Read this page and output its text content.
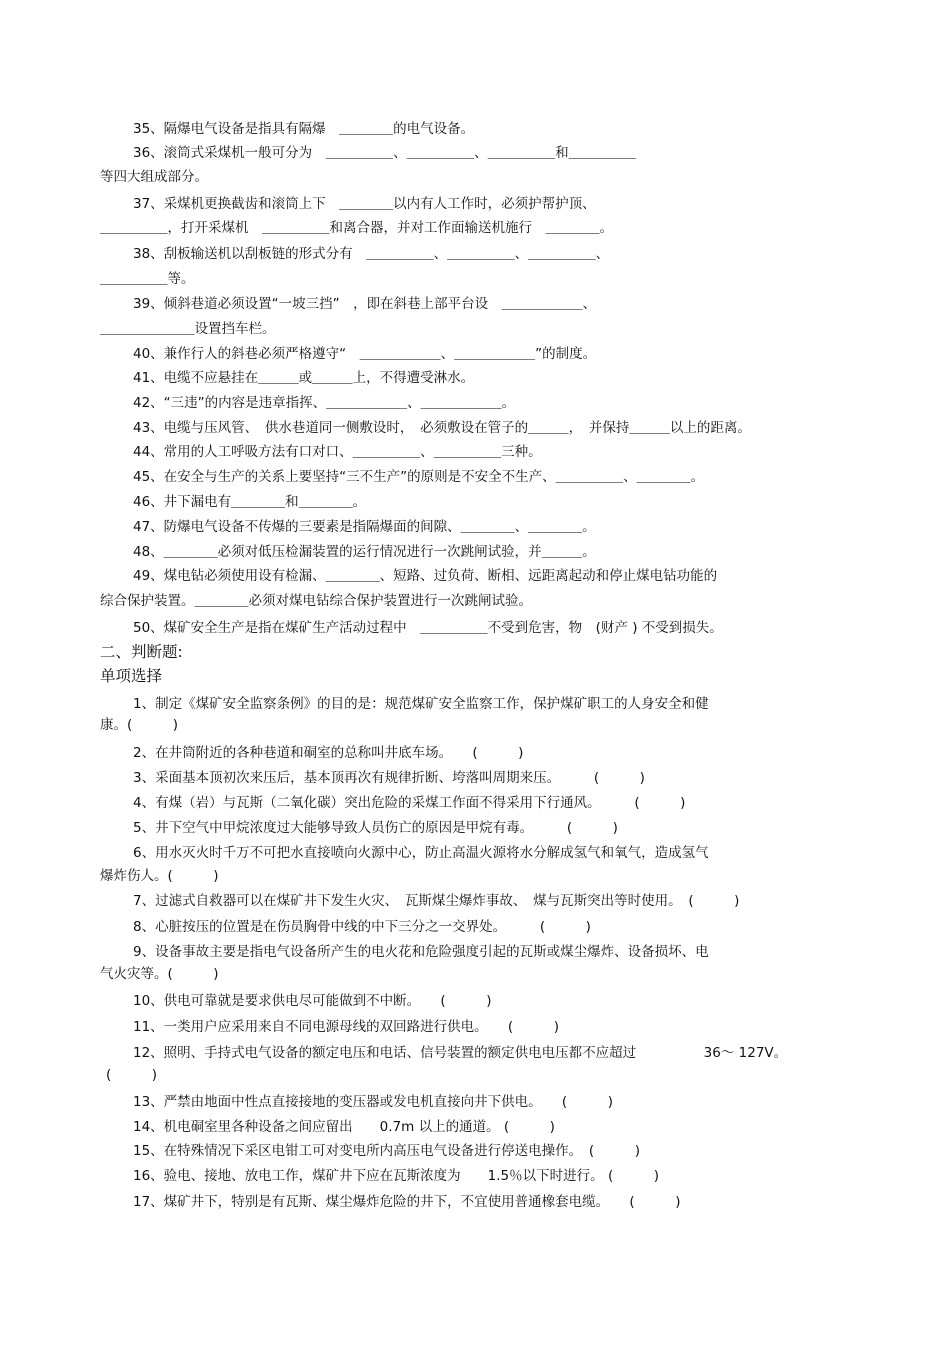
35、隔爆电气设备是指具有隔爆　＿＿＿＿的电气设备。
36、滚筒式采煤机一般可分为　＿＿＿＿＿、＿＿＿＿＿、＿＿＿＿＿和＿＿＿＿＿
等四大组成部分。
37、采煤机更换截齿和滚筒上下　＿＿＿＿以内有人工作时，必须护帮护顶、
＿＿＿＿＿，打开采煤机　＿＿＿＿＿和离合器，并对工作面输送机施行　＿＿＿＿。
38、刮板输送机以刮板链的形式分有　＿＿＿＿＿、＿＿＿＿＿、＿＿＿＿＿、
＿＿＿＿＿等。
39、倾斜巷道必须设置“一坡三挡”　，即在斜巷上部平台设　＿＿＿＿＿＿、
＿＿＿＿＿＿＿设置挡车栏。
40、兼作行人的斜巷必须严格遵守“　＿＿＿＿＿＿、＿＿＿＿＿＿”的制度。
41、电缆不应悬挂在＿＿＿或＿＿＿上，不得遭受淋水。
42、“三违”的内容是违章指挥、＿＿＿＿＿＿、＿＿＿＿＿＿。
43、电缆与压风管、　供水巷道同一侧敷设时，　必须敷设在管子的＿＿＿，　并保持＿＿＿以上的距离。
44、常用的人工呼吸方法有口对口、＿＿＿＿＿、＿＿＿＿＿三种。
45、在安全与生产的关系上要坚持“三不生产”的原则是不安全不生产、＿＿＿＿＿、＿＿＿＿。
46、井下漏电有＿＿＿＿和＿＿＿＿。
47、防爆电气设备不传爆的三要素是指隔爆面的间隙、＿＿＿＿、＿＿＿＿。
48、＿＿＿＿必须对低压检漏装置的运行情况进行一次跳闸试验，并＿＿＿。
49、煤电钻必须使用设有检漏、＿＿＿＿、短路、过负荷、断相、远距离起动和停止煤电钻功能的
综合保护装置。＿＿＿＿必须对煤电钻综合保护装置进行一次跳闸试验。
50、煤矿安全生产是指在煤矿生产活动过程中　＿＿＿＿＿不受到危害，物　(财产 ) 不受到损失。
二、判断题:
单项选择
1、制定《煤矿安全监察条例》的目的是：规范煤矿安全监察工作，保护煤矿职工的人身安全和健
康。(　　　)
2、在井筒附近的各种巷道和硐室的总称叫井底车场。　　(　　　)
3、采面基本顶初次来压后，基本顶再次有规律折断、垮落叫周期来压。　　　(　　　)
4、有煤（岩）与瓦斯（二氧化碳）突出危险的采煤工作面不得采用下行通风。　　　(　　　)
5、井下空气中甲烷浓度过大能够导致人员伤亡的原因是甲烷有毒。　　　(　　　)
6、用水灭火时千万不可把水直接喷向火源中心，防止高温火源将水分解成氢气和氧气，造成氢气
爆炸伤人。(　　　)
7、过滤式自救器可以在煤矿井下发生火灾、　瓦斯煤尘爆炸事故、　煤与瓦斯突出等时使用。　(　　　)
8、心脏按压的位置是在伤员胸骨中线的中下三分之一交界处。　　　(　　　)
9、设备事故主要是指电气设备所产生的电火花和危险强度引起的瓦斯或煤尘爆炸、设备损坏、电
气火灾等。(　　　)
10、供电可靠就是要求供电尽可能做到不中断。　　(　　　)
11、一类用户应采用来自不同电源母线的双回路进行供电。　　(　　　)
12、照明、手持式电气设备的额定电压和电话、信号装置的额定供电电压都不应超过　　　　　36～ 127V。
(　　　)
13、严禁由地面中性点直接接地的变压器或发电机直接向井下供电。　　(　　　)
14、机电硐室里各种设备之间应留出　　0.7m 以上的通道。 (　　　)
15、在特殊情况下采区电钳工可对变电所内高压电气设备进行停送电操作。　(　　　)
16、验电、接地、放电工作，煤矿井下应在瓦斯浓度为　　1.5％以下时进行。 (　　　)
17、煤矿井下，特别是有瓦斯、煤尘爆炸危险的井下，不宜使用普通橡套电缆。　　(　　　)
